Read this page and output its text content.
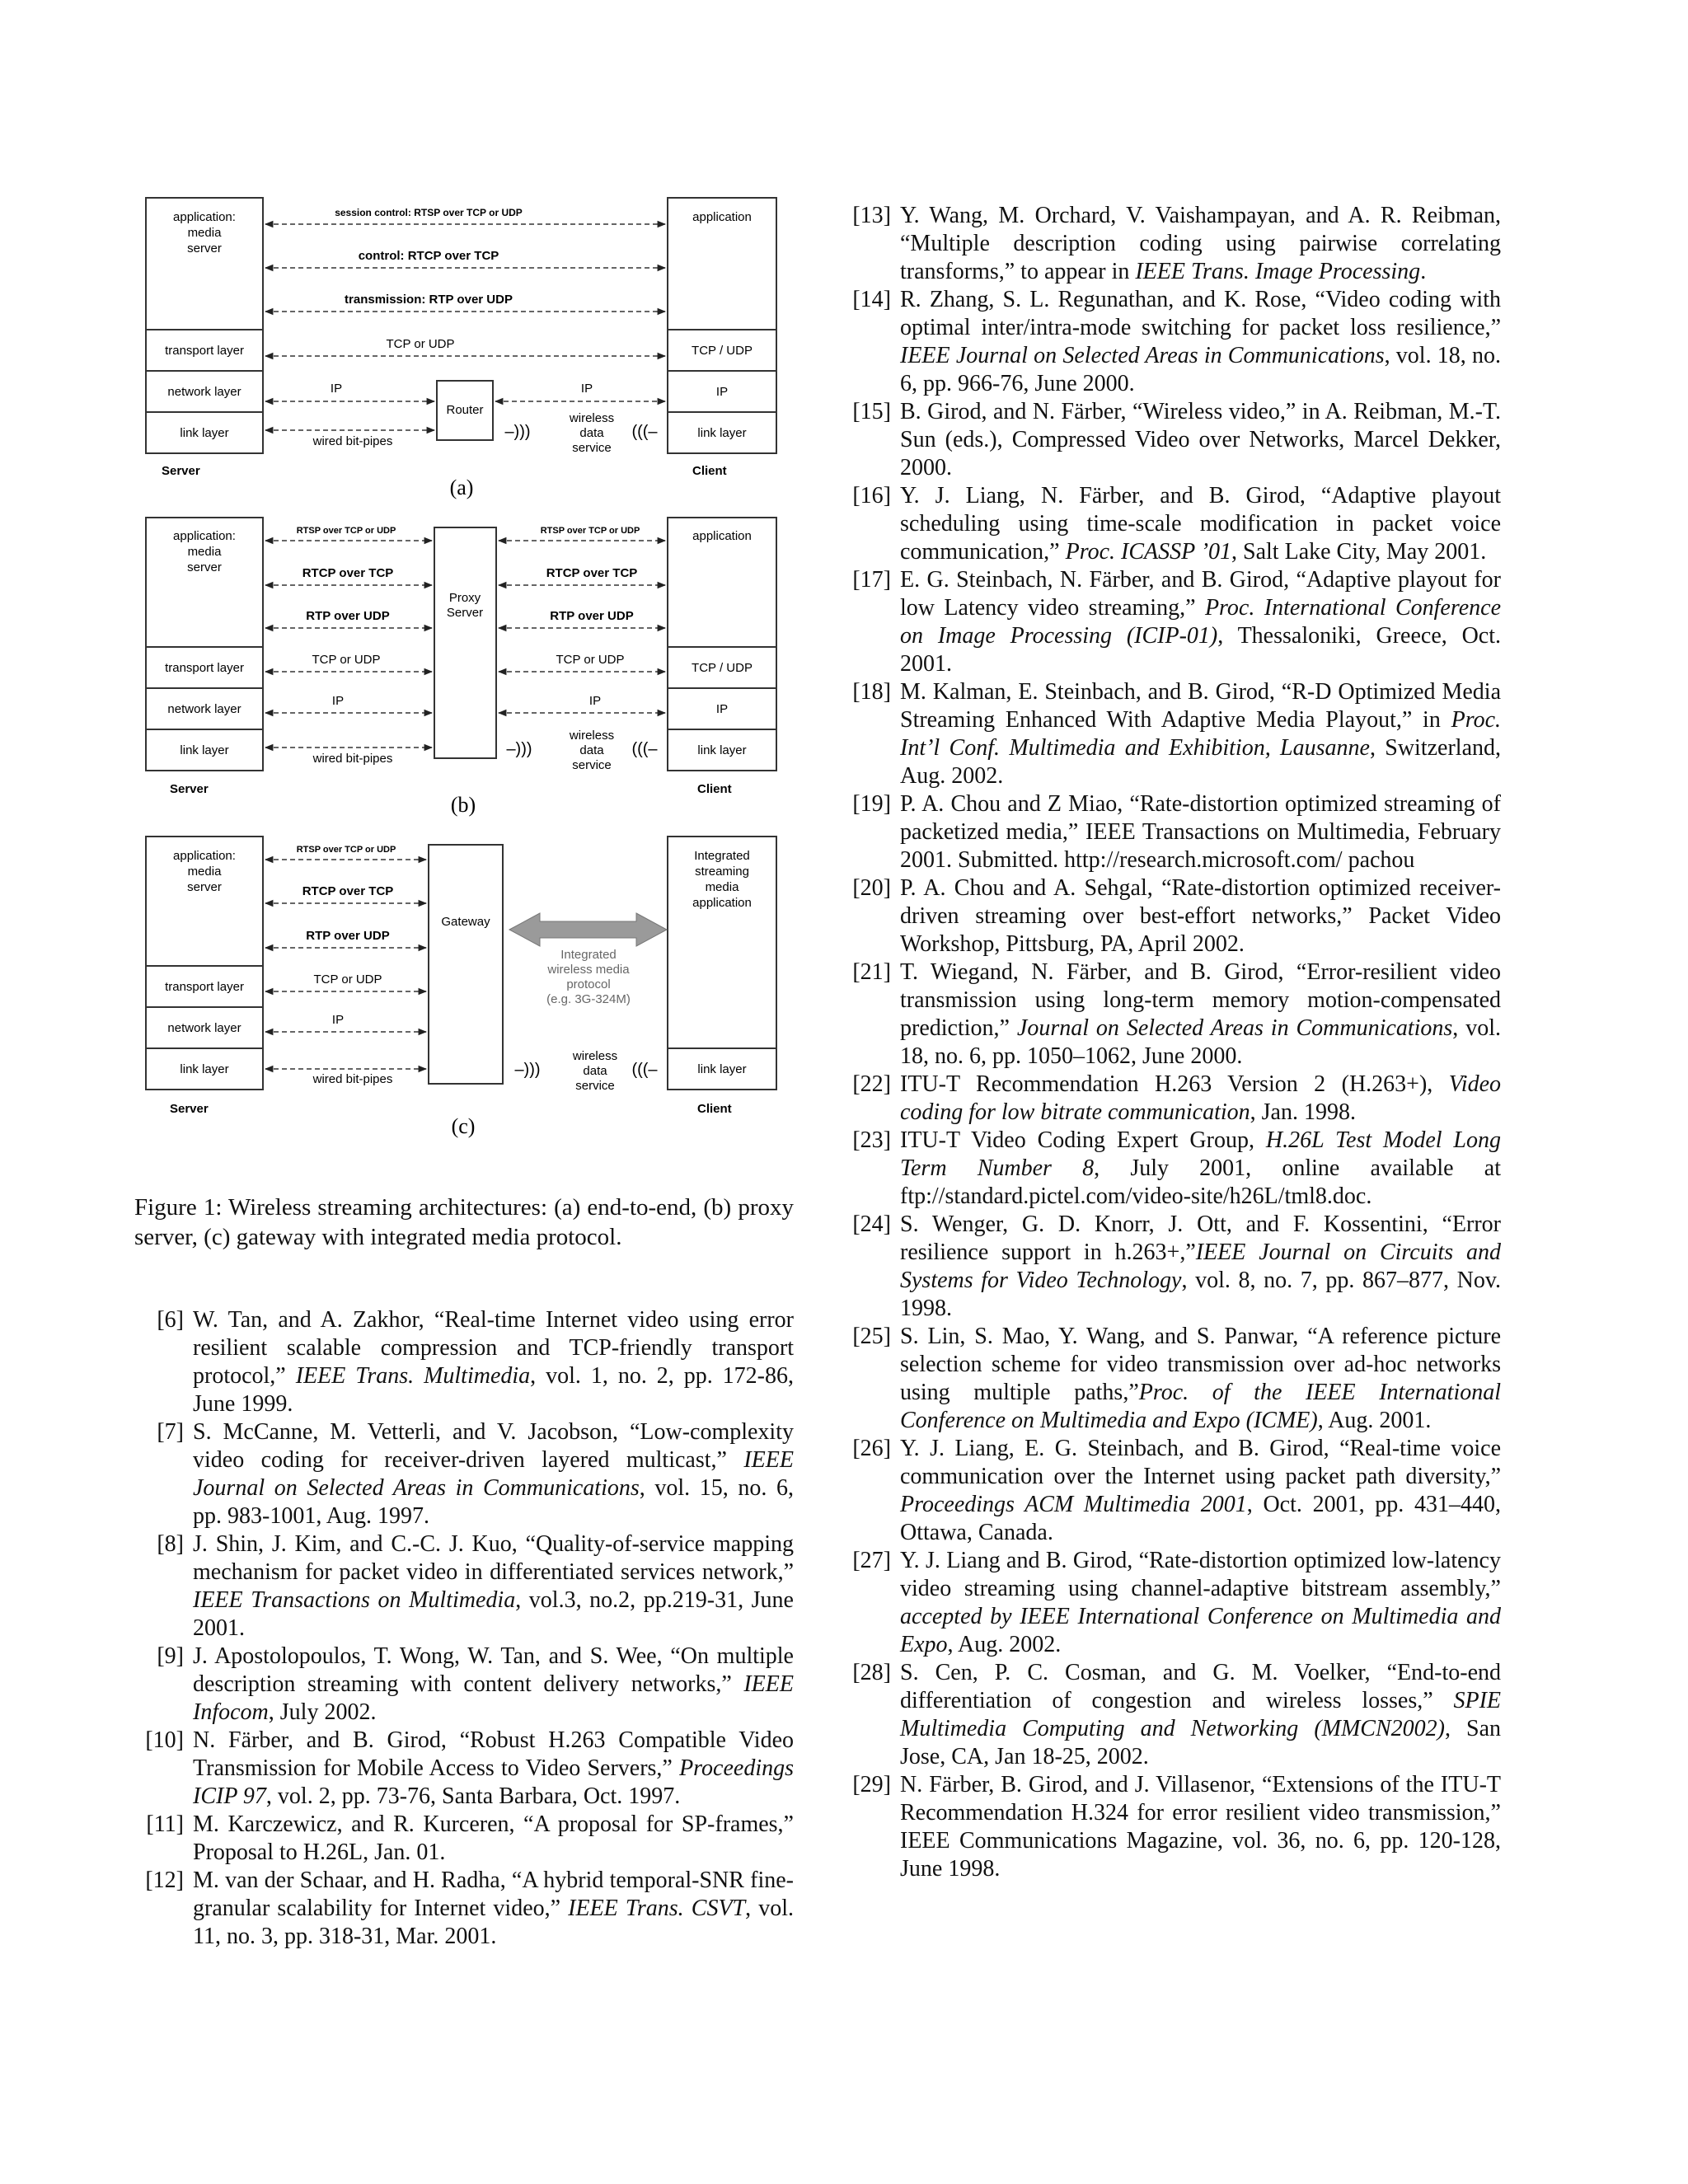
application:
media
server
application
session control: RTSP over TCP or UDP
control: RTCP over TCP
transmission: RTP over UDP
transport layer	TCP or UDP	TCP / UDP
network layer	IP	IP	IP
Router
link layer
wired bit-pipes
–)))
wireless
data
service
(((–	link layer
Server	Client
(a)
application:
media
server
application
RTSP over TCP or UDP	RTSP over TCP or UDP
RTCP over TCP	RTCP over TCP
RTP over UDP	RTP over UDP
Proxy
Server
transport layer
TCP or UDP	TCP or UDP
TCP / UDP
network layer
IP	IP
IP
link layer
wired bit-pipes
–)))
wireless
data
service
(((–	link layer
Server	Client
(b)
application:
media
server
Integrated
streaming
media
application
RTSP over TCP or UDP
RTCP over TCP
RTP over UDP
Gateway
Integrated
wireless media
protocol
(e.g. 3G-324M)
transport layer
TCP or UDP
network layer
IP
link layer
wired bit-pipes
–)))
wireless
data
service
(((–	link layer
Server	Client
(c)
Figure 1: Wireless streaming architectures: (a) end-to-end, (b) proxy server, (c) gateway with integrated media protocol.
[6] W. Tan, and A. Zakhor, “Real-time Internet video using error resilient scalable compression and TCP-friendly transport protocol,” IEEE Trans. Multimedia, vol. 1, no. 2, pp. 172-86, June 1999.
[7] S. McCanne, M. Vetterli, and V. Jacobson, “Low-complexity video coding for receiver-driven layered multicast,” IEEE Journal on Selected Areas in Communications, vol. 15, no. 6, pp. 983-1001, Aug. 1997.
[8] J. Shin, J. Kim, and C.-C. J. Kuo, “Quality-of-service mapping mechanism for packet video in differentiated services network,” IEEE Transactions on Multimedia, vol.3, no.2, pp.219-31, June 2001.
[9] J. Apostolopoulos, T. Wong, W. Tan, and S. Wee, “On multiple description streaming with content delivery networks,” IEEE Infocom, July 2002.
[10] N. Färber, and B. Girod, “Robust H.263 Compatible Video Transmission for Mobile Access to Video Servers,” Proceedings ICIP 97, vol. 2, pp. 73-76, Santa Barbara, Oct. 1997.
[11] M. Karczewicz, and R. Kurceren, “A proposal for SP-frames,” Proposal to H.26L, Jan. 01.
[12] M. van der Schaar, and H. Radha, “A hybrid temporal-SNR fine-granular scalability for Internet video,” IEEE Trans. CSVT, vol. 11, no. 3, pp. 318-31, Mar. 2001.
[13] Y. Wang, M. Orchard, V. Vaishampayan, and A. R. Reibman, “Multiple description coding using pairwise correlating transforms,” to appear in IEEE Trans. Image Processing.
[14] R. Zhang, S. L. Regunathan, and K. Rose, “Video coding with optimal inter/intra-mode switching for packet loss resilience,” IEEE Journal on Selected Areas in Communications, vol. 18, no. 6, pp. 966-76, June 2000.
[15] B. Girod, and N. Färber, “Wireless video,” in A. Reibman, M.-T. Sun (eds.), Compressed Video over Networks, Marcel Dekker, 2000.
[16] Y. J. Liang, N. Färber, and B. Girod, “Adaptive playout scheduling using time-scale modification in packet voice communication,” Proc. ICASSP ’01, Salt Lake City, May 2001.
[17] E. G. Steinbach, N. Färber, and B. Girod, “Adaptive playout for low Latency video streaming,” Proc. International Conference on Image Processing (ICIP-01), Thessaloniki, Greece, Oct. 2001.
[18] M. Kalman, E. Steinbach, and B. Girod, “R-D Optimized Media Streaming Enhanced With Adaptive Media Playout,” in Proc. Int’l Conf. Multimedia and Exhibition, Lausanne, Switzerland, Aug. 2002.
[19] P. A. Chou and Z Miao, “Rate-distortion optimized streaming of packetized media,” IEEE Transactions on Multimedia, February 2001. Submitted. http://research.microsoft.com/ pachou
[20] P. A. Chou and A. Sehgal, “Rate-distortion optimized receiver-driven streaming over best-effort networks,” Packet Video Workshop, Pittsburg, PA, April 2002.
[21] T. Wiegand, N. Färber, and B. Girod, “Error-resilient video transmission using long-term memory motion-compensated prediction,” Journal on Selected Areas in Communications, vol. 18, no. 6, pp. 1050–1062, June 2000.
[22] ITU-T Recommendation H.263 Version 2 (H.263+), Video coding for low bitrate communication, Jan. 1998.
[23] ITU-T Video Coding Expert Group, H.26L Test Model Long Term Number 8, July 2001, online available at ftp://standard.pictel.com/video-site/h26L/tml8.doc.
[24] S. Wenger, G. D. Knorr, J. Ott, and F. Kossentini, “Error resilience support in h.263+,”IEEE Journal on Circuits and Systems for Video Technology, vol. 8, no. 7, pp. 867–877, Nov. 1998.
[25] S. Lin, S. Mao, Y. Wang, and S. Panwar, “A reference picture selection scheme for video transmission over ad-hoc networks using multiple paths,”Proc. of the IEEE International Conference on Multimedia and Expo (ICME), Aug. 2001.
[26] Y. J. Liang, E. G. Steinbach, and B. Girod, “Real-time voice communication over the Internet using packet path diversity,” Proceedings ACM Multimedia 2001, Oct. 2001, pp. 431–440, Ottawa, Canada.
[27] Y. J. Liang and B. Girod, “Rate-distortion optimized low-latency video streaming using channel-adaptive bitstream assembly,” accepted by IEEE International Conference on Multimedia and Expo, Aug. 2002.
[28] S. Cen, P. C. Cosman, and G. M. Voelker, “End-to-end differentiation of congestion and wireless losses,” SPIE Multimedia Computing and Networking (MMCN2002), San Jose, CA, Jan 18-25, 2002.
[29] N. Färber, B. Girod, and J. Villasenor, “Extensions of the ITU-T Recommendation H.324 for error resilient video transmission,” IEEE Communications Magazine, vol. 36, no. 6, pp. 120-128, June 1998.
